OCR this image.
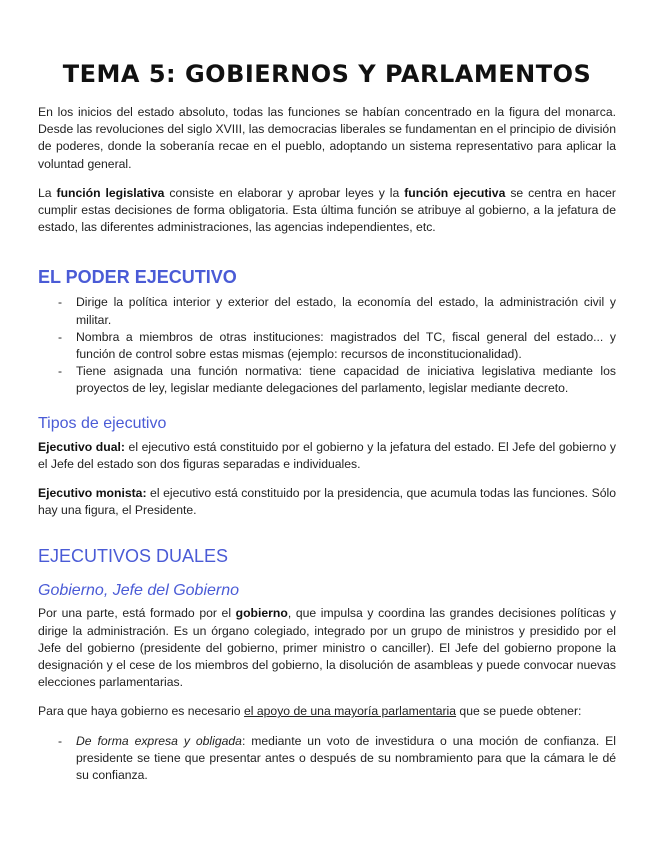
TEMA 5: GOBIERNOS Y PARLAMENTOS

En los inicios del estado absoluto, todas las funciones se habían concentrado en la figura del monarca. Desde las revoluciones del siglo XVIII, las democracias liberales se fundamentan en el principio de división de poderes, donde la soberanía recae en el pueblo, adoptando un sistema representativo para aplicar la voluntad general.

La función legislativa consiste en elaborar y aprobar leyes y la función ejecutiva se centra en hacer cumplir estas decisiones de forma obligatoria. Esta última función se atribuye al gobierno, a la jefatura de estado, las diferentes administraciones, las agencias independientes, etc.

EL PODER EJECUTIVO
- Dirige la política interior y exterior del estado, la economía del estado, la administración civil y militar.
- Nombra a miembros de otras instituciones: magistrados del TC, fiscal general del estado... y función de control sobre estas mismas (ejemplo: recursos de inconstitucionalidad).
- Tiene asignada una función normativa: tiene capacidad de iniciativa legislativa mediante los proyectos de ley, legislar mediante delegaciones del parlamento, legislar mediante decreto.
Tipos de ejecutivo

Ejecutivo dual: el ejecutivo está constituido por el gobierno y la jefatura del estado. El Jefe del gobierno y el Jefe del estado son dos figuras separadas e individuales.

Ejecutivo monista: el ejecutivo está constituido por la presidencia, que acumula todas las funciones. Sólo hay una figura, el Presidente.

EJECUTIVOS DUALES
Gobierno, Jefe del Gobierno

Por una parte, está formado por el gobierno, que impulsa y coordina las grandes decisiones políticas y dirige la administración. Es un órgano colegiado, integrado por un grupo de ministros y presidido por el Jefe del gobierno (presidente del gobierno, primer ministro o canciller). El Jefe del gobierno propone la designación y el cese de los miembros del gobierno, la disolución de asambleas y puede convocar nuevas elecciones parlamentarias.

Para que haya gobierno es necesario el apoyo de una mayoría parlamentaria que se puede obtener:

- De forma expresa y obligada: mediante un voto de investidura o una moción de confianza. El presidente se tiene que presentar antes o después de su nombramiento para que la cámara le dé su confianza.
